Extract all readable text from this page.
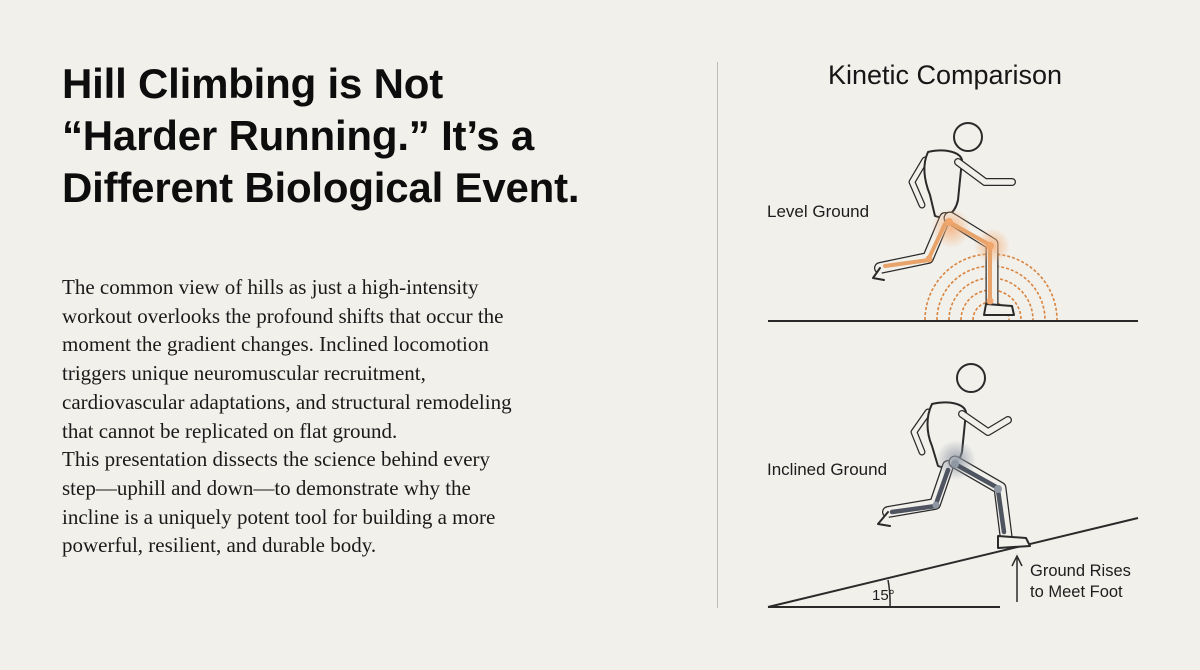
Hill Climbing is Not
“Harder Running.” It’s a
Different Biological Event.
The common view of hills as just a high-intensity
workout overlooks the profound shifts that occur the
moment the gradient changes. Inclined locomotion
triggers unique neuromuscular recruitment,
cardiovascular adaptations, and structural remodeling
that cannot be replicated on flat ground.
This presentation dissects the science behind every
step—uphill and down—to demonstrate why the
incline is a uniquely potent tool for building a more
powerful, resilient, and durable body.
Kinetic Comparison
Level Ground
Inclined Ground
15°
Ground Rises
to Meet Foot
